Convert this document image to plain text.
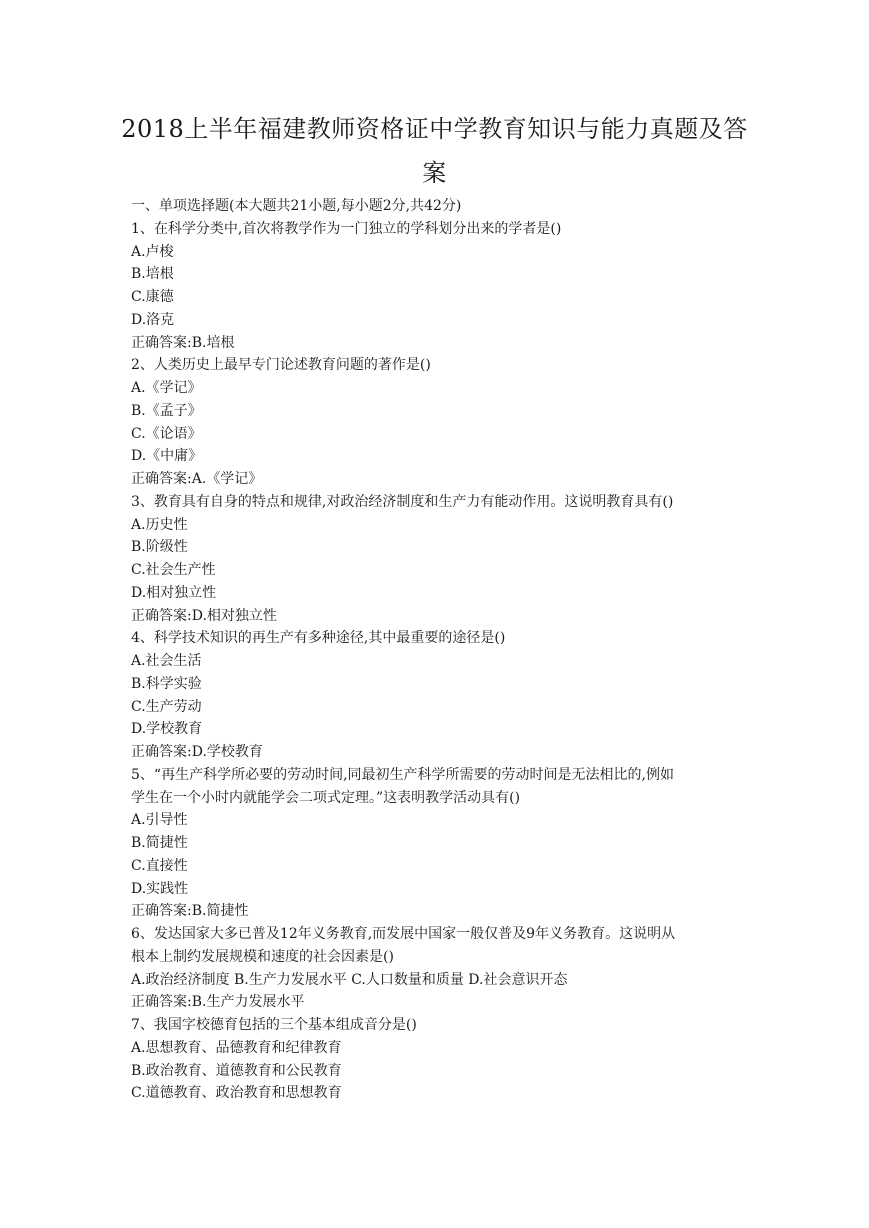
2018上半年福建教师资格证中学教育知识与能力真题及答
案
一、单项选择题(本大题共21小题,每小题2分,共42分)
1、在科学分类中,首次将教学作为一门独立的学科划分出来的学者是()
A.卢梭
B.培根
C.康德
D.洛克
正确答案:B.培根
2、人类历史上最早专门论述教育问题的著作是()
A.《学记》
B.《孟子》
C.《论语》
D.《中庸》
正确答案:A.《学记》
3、教育具有自身的特点和规律,对政治经济制度和生产力有能动作用。这说明教育具有()
A.历史性
B.阶级性
C.社会生产性
D.相对独立性
正确答案:D.相对独立性
4、科学技术知识的再生产有多种途径,其中最重要的途径是()
A.社会生活
B.科学实验
C.生产劳动
D.学校教育
正确答案:D.学校教育
5、“再生产科学所必要的劳动时间,同最初生产科学所需要的劳动时间是无法相比的,例如
学生在一个小时内就能学会二项式定理。”这表明教学活动具有()
A.引导性
B.简捷性
C.直接性
D.实践性
正确答案:B.简捷性
6、发达国家大多已普及12年义务教育,而发展中国家一般仅普及9年义务教育。这说明从
根本上制约发展规模和速度的社会因素是()
A.政治经济制度 B.生产力发展水平 C.人口数量和质量 D.社会意识开态
正确答案:B.生产力发展水平
7、我国字校德育包括的三个基本组成音分是()
A.思想教育、品德教育和纪律教育
B.政治教育、道德教育和公民教育
C.道德教育、政治教育和思想教育
